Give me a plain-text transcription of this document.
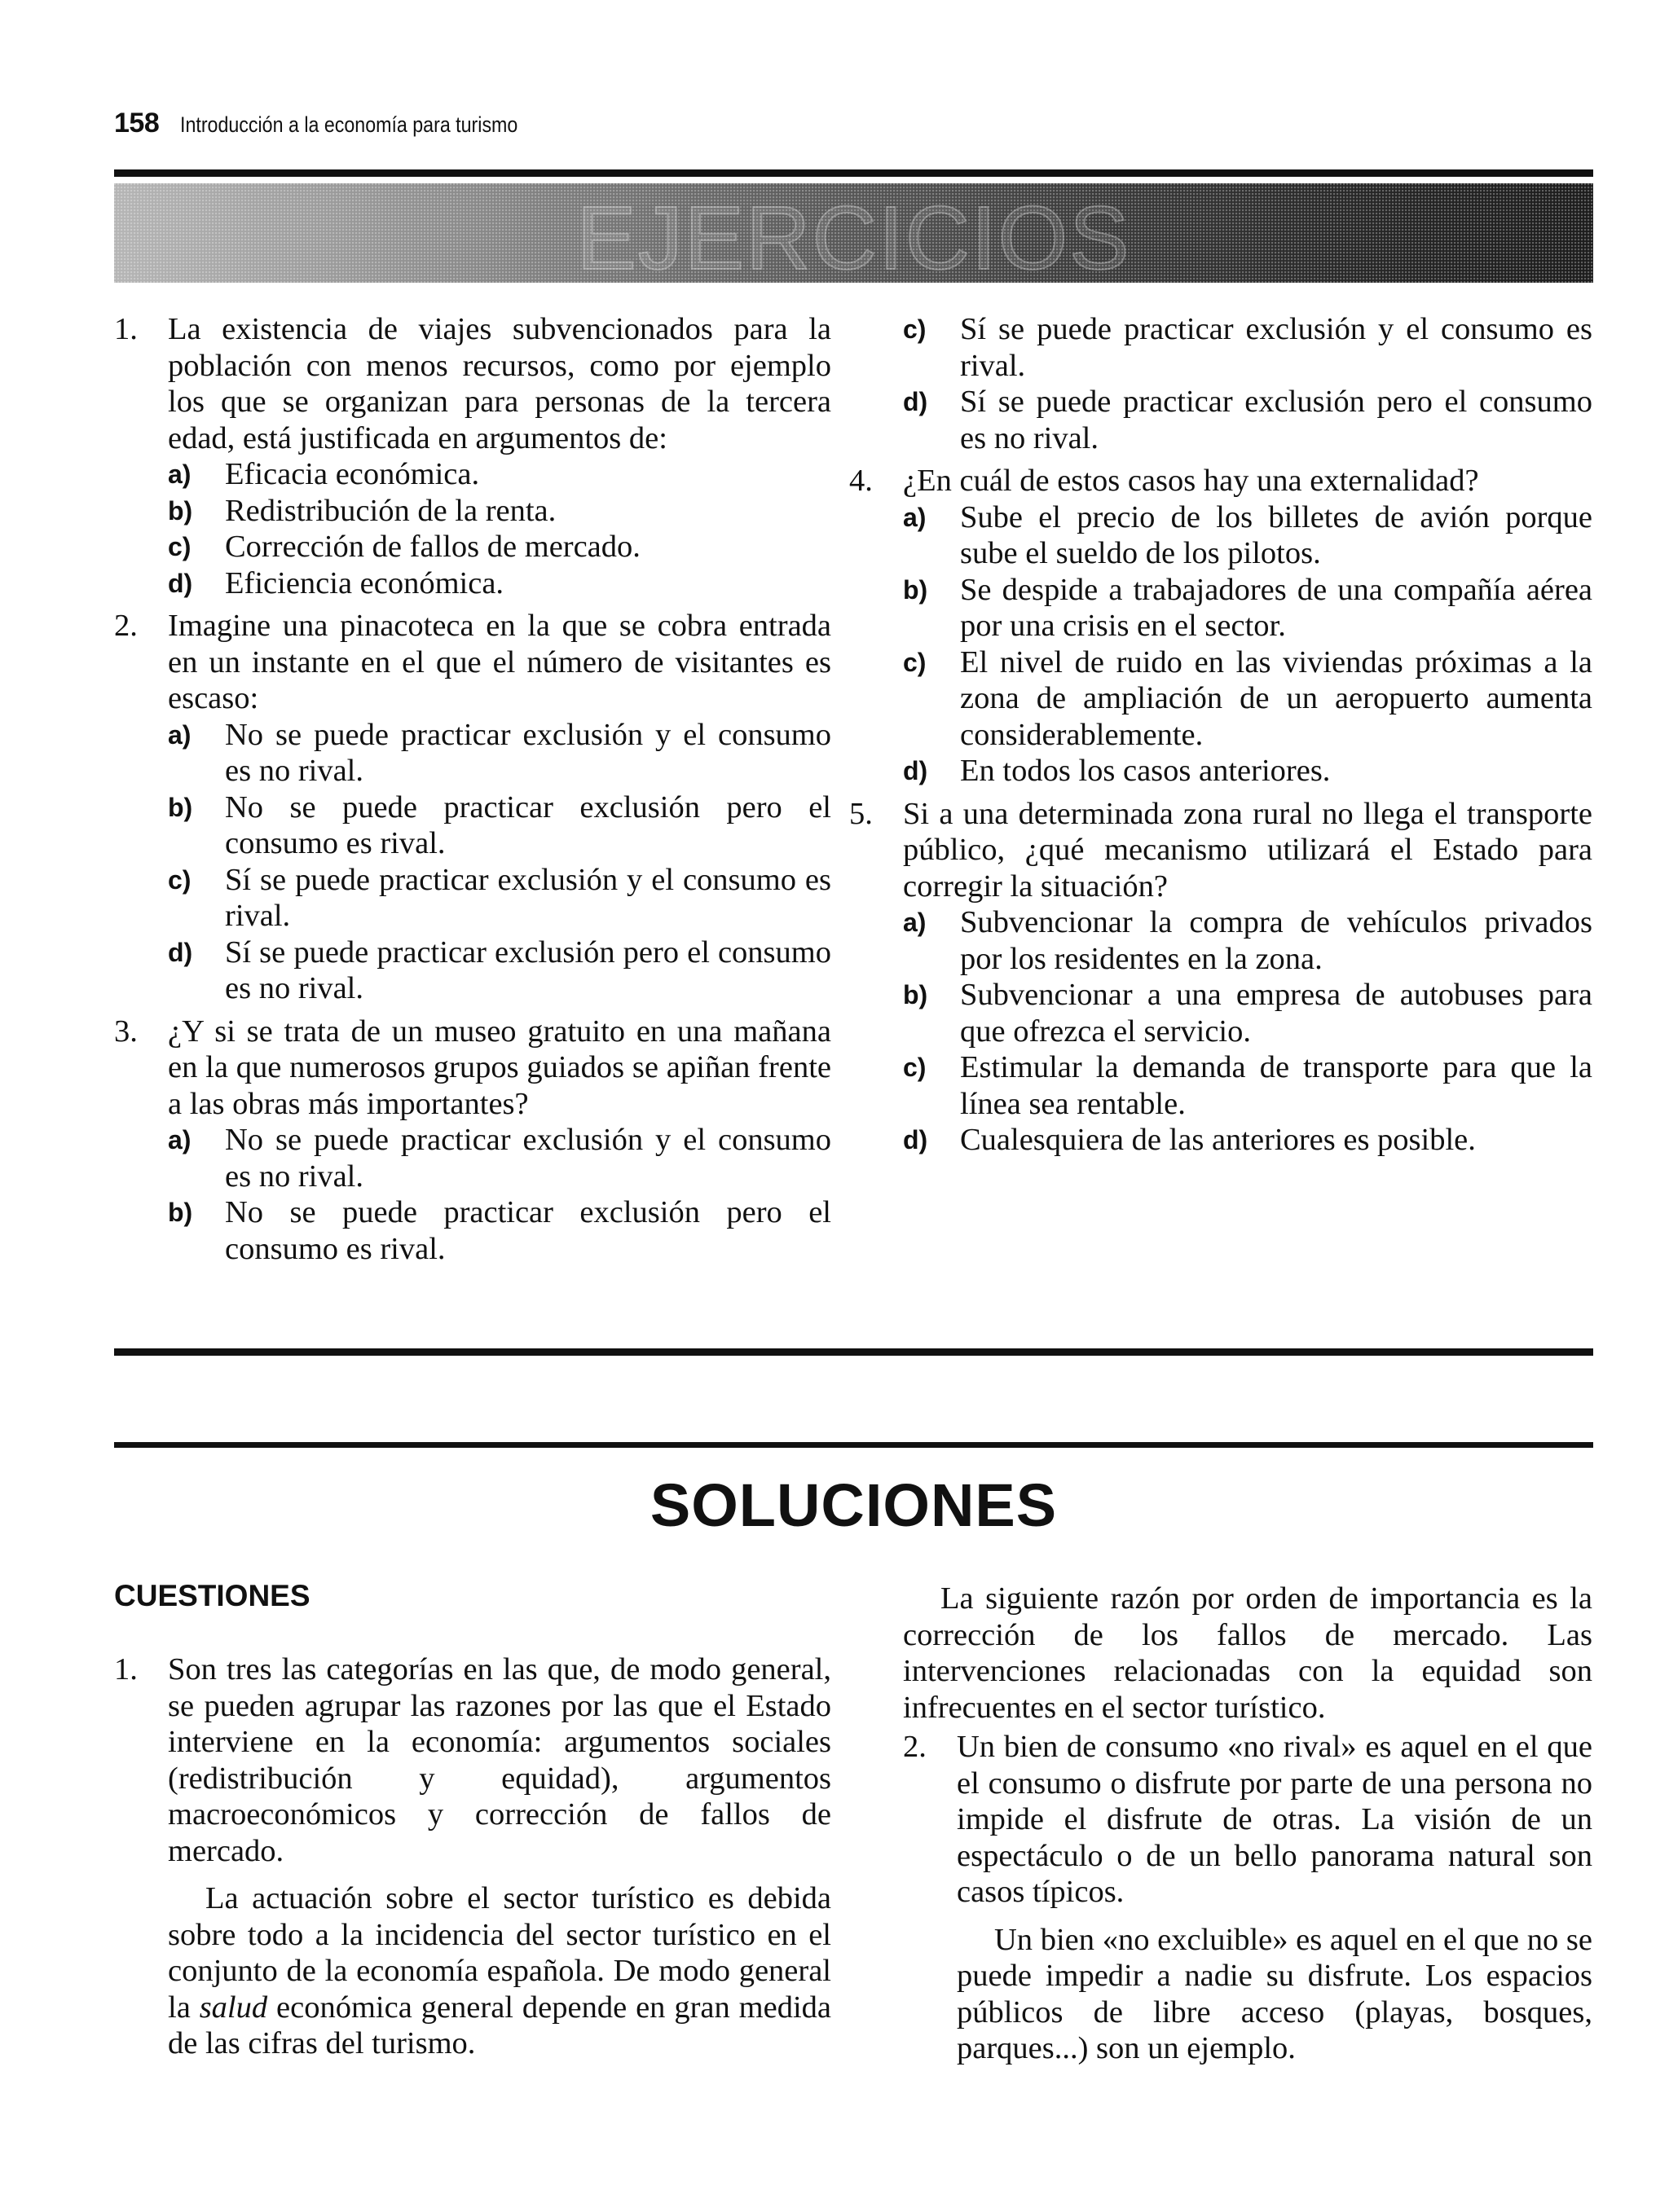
158 Introducción a la economía para turismo
EJERCICIOS
1. La existencia de viajes subvencionados para la población con menos recursos, como por ejemplo los que se organizan para personas de la tercera edad, está justificada en argumentos de:

a)	Eficacia económica.
b)	Redistribución de la renta.
c)	Corrección de fallos de mercado.
d)	Eficiencia económica.
2. Imagine una pinacoteca en la que se cobra entrada en un instante en el que el número de visitantes es escaso:

a)	No se puede practicar exclusión y el consumo es no rival.
b)	No se puede practicar exclusión pero el consumo es rival.
c)	Sí se puede practicar exclusión y el consumo es rival.
d)	Sí se puede practicar exclusión pero el consumo es no rival.
3. ¿Y si se trata de un museo gratuito en una mañana en la que numerosos grupos guiados se apiñan frente a las obras más importantes?

a)	No se puede practicar exclusión y el consumo es no rival.
b)	No se puede practicar exclusión pero el consumo es rival.
c)	Sí se puede practicar exclusión y el consumo es rival.
d)	Sí se puede practicar exclusión pero el consumo es no rival.
4. ¿En cuál de estos casos hay una externalidad?

a)	Sube el precio de los billetes de avión porque sube el sueldo de los pilotos.
b)	Se despide a trabajadores de una compañía aérea por una crisis en el sector.
c)	El nivel de ruido en las viviendas próximas a la zona de ampliación de un aeropuerto aumenta considerablemente.
d)	En todos los casos anteriores.
5. Si a una determinada zona rural no llega el transporte público, ¿qué mecanismo utilizará el Estado para corregir la situación?

a)	Subvencionar la compra de vehículos privados por los residentes en la zona.
b)	Subvencionar a una empresa de autobuses para que ofrezca el servicio.
c)	Estimular la demanda de transporte para que la línea sea rentable.
d)	Cualesquiera de las anteriores es posible.
SOLUCIONES
CUESTIONES
1. Son tres las categorías en las que, de modo general, se pueden agrupar las razones por las que el Estado interviene en la economía: argumentos sociales (redistribución y equidad), argumentos macroeconómicos y corrección de fallos de mercado.

La actuación sobre el sector turístico es debida sobre todo a la incidencia del sector turístico en el conjunto de la economía española. De modo general la salud económica general depende en gran medida de las cifras del turismo.

La siguiente razón por orden de importancia es la corrección de los fallos de mercado. Las intervenciones relacionadas con la equidad son infrecuentes en el sector turístico.

2. Un bien de consumo «no rival» es aquel en el que el consumo o disfrute por parte de una persona no impide el disfrute de otras. La visión de un espectáculo o de un bello panorama natural son casos típicos.

Un bien «no excluible» es aquel en el que no se puede impedir a nadie su disfrute. Los espacios públicos de libre acceso (playas, bosques, parques...) son un ejemplo.
